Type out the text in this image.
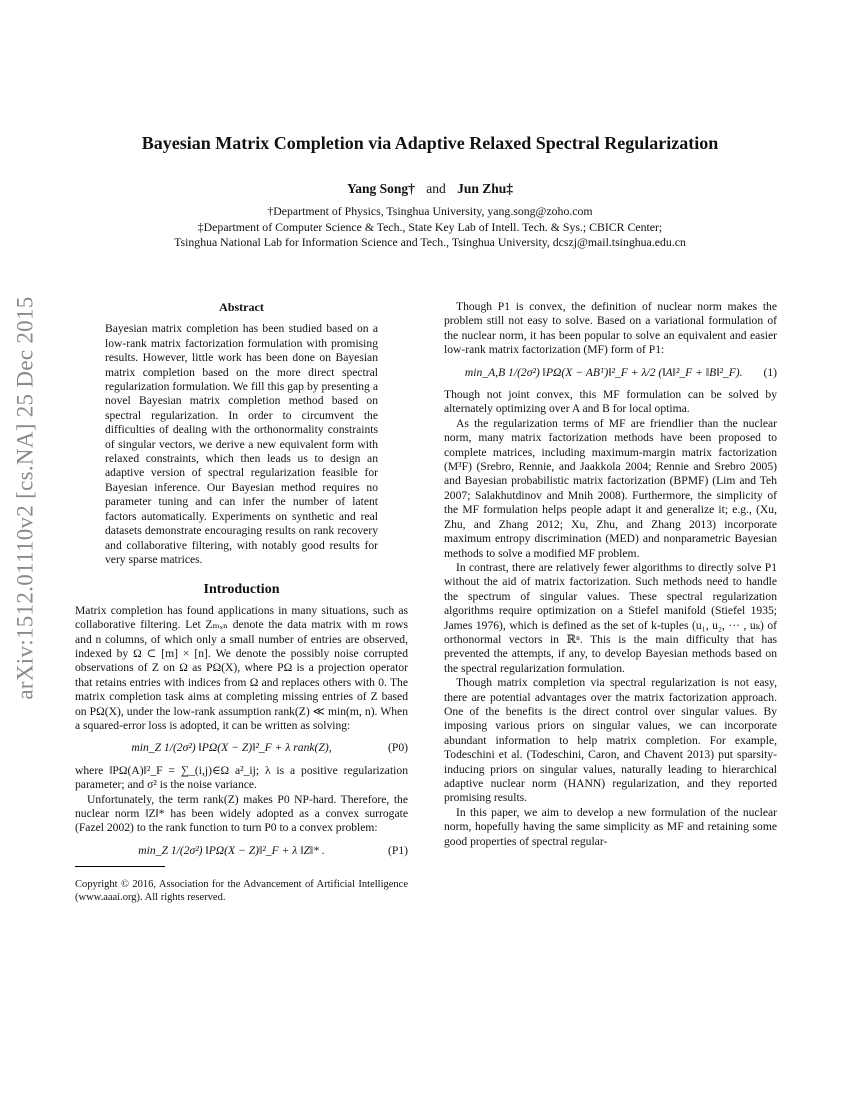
arXiv:1512.01110v2 [cs.NA] 25 Dec 2015
Bayesian Matrix Completion via Adaptive Relaxed Spectral Regularization
Yang Song† and Jun Zhu‡
†Department of Physics, Tsinghua University, yang.song@zoho.com
‡Department of Computer Science & Tech., State Key Lab of Intell. Tech. & Sys.; CBICR Center;
Tsinghua National Lab for Information Science and Tech., Tsinghua University, dcszj@mail.tsinghua.edu.cn
Abstract

Bayesian matrix completion has been studied based on a low-rank matrix factorization formulation with promising results. However, little work has been done on Bayesian matrix completion based on the more direct spectral regularization formulation. We fill this gap by presenting a novel Bayesian matrix completion method based on spectral regularization. In order to circumvent the difficulties of dealing with the orthonormality constraints of singular vectors, we derive a new equivalent form with relaxed constraints, which then leads us to design an adaptive version of spectral regularization feasible for Bayesian inference. Our Bayesian method requires no parameter tuning and can infer the number of latent factors automatically. Experiments on synthetic and real datasets demonstrate encouraging results on rank recovery and collaborative filtering, with notably good results for very sparse matrices.

Introduction

Matrix completion has found applications in many situations, such as collaborative filtering. Let Zₘₓₙ denote the data matrix with m rows and n columns, of which only a small number of entries are observed, indexed by Ω ⊂ [m] × [n]. We denote the possibly noise corrupted observations of Z on Ω as PΩ(X), where PΩ is a projection operator that retains entries with indices from Ω and replaces others with 0. The matrix completion task aims at completing missing entries of Z based on PΩ(X), under the low-rank assumption rank(Z) ≪ min(m, n). When a squared-error loss is adopted, it can be written as solving:

min_Z 1/(2σ²) ‖PΩ(X − Z)‖²_F + λ rank(Z),	(P0)

where ‖PΩ(A)‖²_F = ∑_(i,j)∈Ω a²_ij; λ is a positive regularization parameter; and σ² is the noise variance.

Unfortunately, the term rank(Z) makes P0 NP-hard. Therefore, the nuclear norm ‖Z‖* has been widely adopted as a convex surrogate (Fazel 2002) to the rank function to turn P0 to a convex problem:

min_Z 1/(2σ²) ‖PΩ(X − Z)‖²_F + λ ‖Z‖* .	(P1)

Copyright © 2016, Association for the Advancement of Artificial Intelligence (www.aaai.org). All rights reserved.

Though P1 is convex, the definition of nuclear norm makes the problem still not easy to solve. Based on a variational formulation of the nuclear norm, it has been popular to solve an equivalent and easier low-rank matrix factorization (MF) form of P1:

min_A,B 1/(2σ²) ‖PΩ(X − ABᵀ)‖²_F + λ/2 (‖A‖²_F + ‖B‖²_F).	(1)

Though not joint convex, this MF formulation can be solved by alternately optimizing over A and B for local optima.

As the regularization terms of MF are friendlier than the nuclear norm, many matrix factorization methods have been proposed to complete matrices, including maximum-margin matrix factorization (M³F) (Srebro, Rennie, and Jaakkola 2004; Rennie and Srebro 2005) and Bayesian probabilistic matrix factorization (BPMF) (Lim and Teh 2007; Salakhutdinov and Mnih 2008). Furthermore, the simplicity of the MF formulation helps people adapt it and generalize it; e.g., (Xu, Zhu, and Zhang 2012; Xu, Zhu, and Zhang 2013) incorporate maximum entropy discrimination (MED) and nonparametric Bayesian methods to solve a modified MF problem.

In contrast, there are relatively fewer algorithms to directly solve P1 without the aid of matrix factorization. Such methods need to handle the spectrum of singular values. These spectral regularization algorithms require optimization on a Stiefel manifold (Stiefel 1935; James 1976), which is defined as the set of k-tuples (u₁, u₂, ··· , uₖ) of orthonormal vectors in ℝⁿ. This is the main difficulty that has prevented the attempts, if any, to develop Bayesian methods based on the spectral regularization formulation.

Though matrix completion via spectral regularization is not easy, there are potential advantages over the matrix factorization approach. One of the benefits is the direct control over singular values. By imposing various priors on singular values, we can incorporate abundant information to help matrix completion. For example, Todeschini et al. (Todeschini, Caron, and Chavent 2013) put sparsity-inducing priors on singular values, naturally leading to hierarchical adaptive nuclear norm (HANN) regularization, and they reported promising results.

In this paper, we aim to develop a new formulation of the nuclear norm, hopefully having the same simplicity as MF and retaining some good properties of spectral regular-
